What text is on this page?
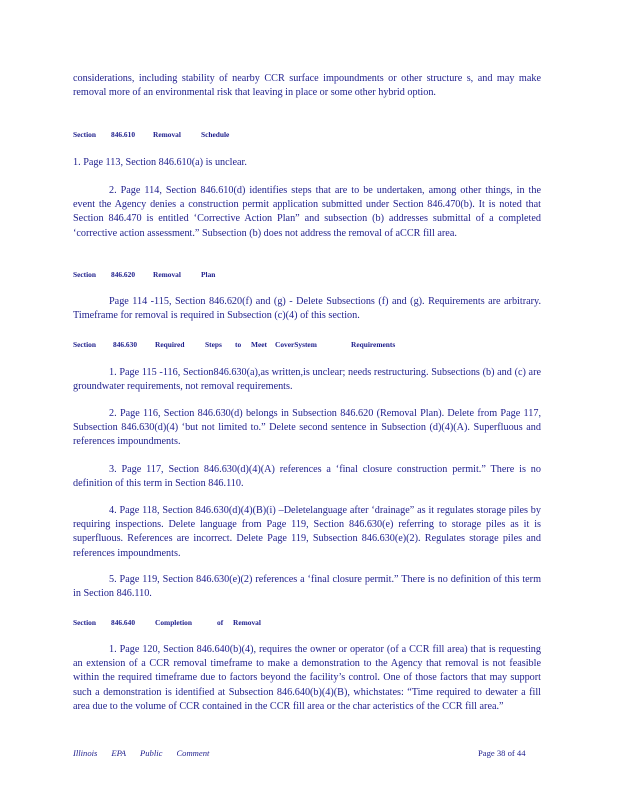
considerations, including stability of nearby CCR surface impoundments or other structure s, and may make removal more of an environmental risk that leaving in place or some other hybrid option.

Section 846.610 Removal	Schedule

1. Page 113, Section 846.610(a) is unclear.

2. Page 114, Section 846.610(d) identifies steps that are to be undertaken, among other things, in the event the Agency denies a construction permit application submitted under Section 846.470(b). It is noted that Section 846.470 is entitled ‘Corrective Action Plan” and subsection (b) addresses submittal of a completed ‘corrective action assessment.” Subsection (b) does not address the removal of aCCR fill area.

Section 846.620 Removal	Plan

Page 114 -115, Section 846.620(f) and (g) - Delete Subsections (f) and (g). Requirements are arbitrary. Timeframe for removal is required in Subsection (c)(4) of this section.

Section 846.630 Required	Steps to Meet CoverSystem	Requirements

1. Page 115 -116, Section846.630(a),as written,is unclear; needs restructuring. Subsections (b) and (c) are groundwater requirements, not removal requirements.

2. Page 116, Section 846.630(d) belongs in Subsection 846.620 (Removal Plan). Delete from Page 117, Subsection 846.630(d)(4) ‘but not limited to.” Delete second sentence in Subsection (d)(4)(A). Superfluous and references impoundments.

3. Page 117, Section 846.630(d)(4)(A) references a ‘final closure construction permit.” There is no definition of this term in Section 846.110.

4. Page 118, Section 846.630(d)(4)(B)(i) –Deletelanguage after ‘drainage” as it regulates storage piles by requiring inspections. Delete language from Page 119, Section 846.630(e) referring to storage piles as it is superfluous. References are incorrect. Delete Page 119, Subsection 846.630(e)(2). Regulates storage piles and references impoundments.

5. Page 119, Section 846.630(e)(2) references a ‘final closure permit.” There is no definition of this term in Section 846.110.

Section 846.640	Completion	of Removal

1. Page 120, Section 846.640(b)(4), requires the owner or operator (of a CCR fill area) that is requesting an extension of a CCR removal timeframe to make a demonstration to the Agency that removal is not feasible within the required timeframe due to factors beyond the facility’s control. One of those factors that may support such a demonstration is identified at Subsection 846.640(b)(4)(B), whichstates: “Time required to dewater a fill area due to the volume of CCR contained in the CCR fill area or the char acteristics of the CCR fill area.”

Illinois EPA Public Comment	Page 38 of 44
